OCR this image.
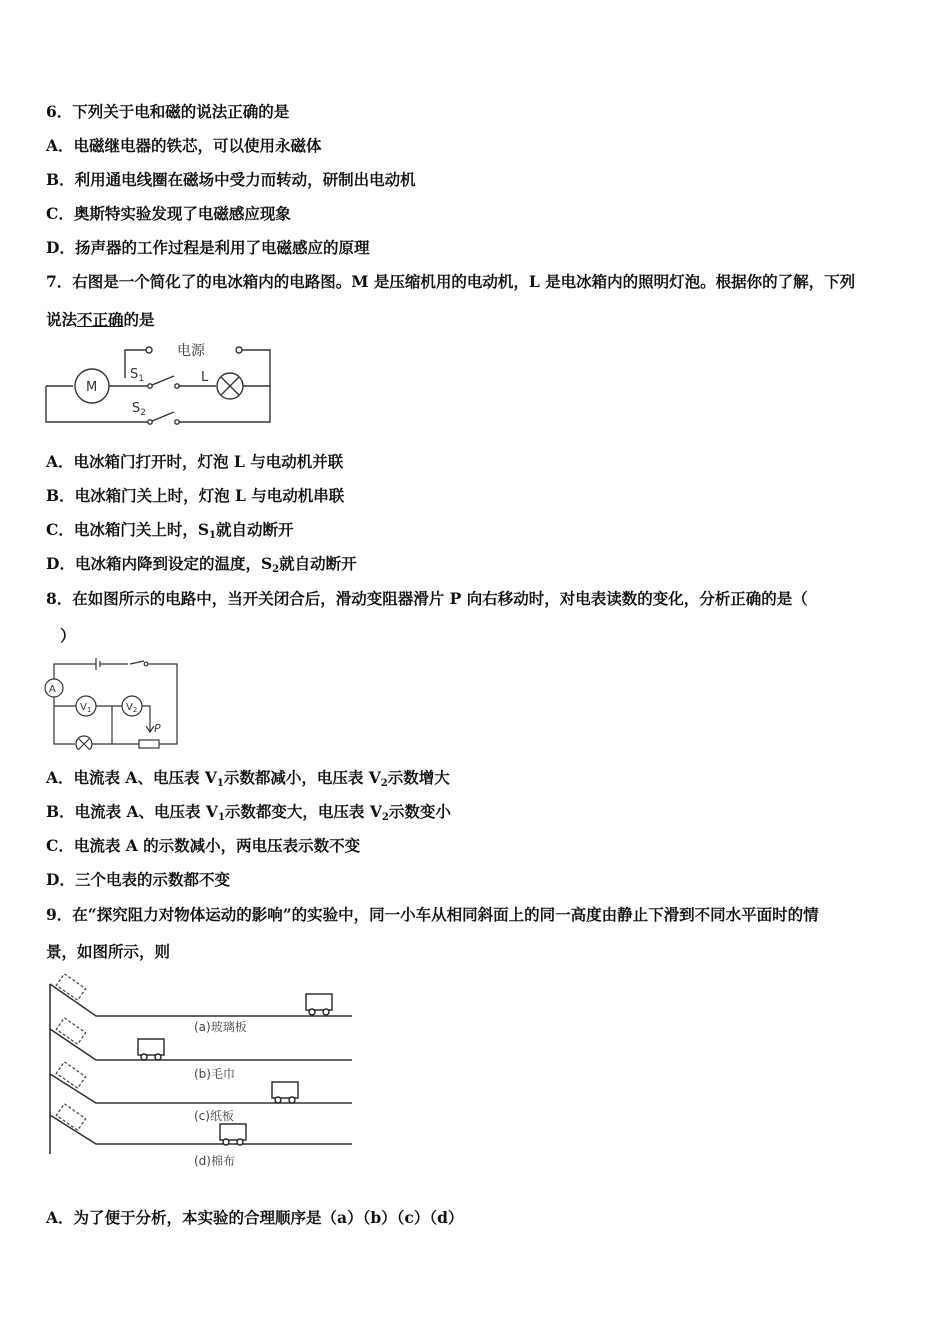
6．下列关于电和磁的说法正确的是
A．电磁继电器的铁芯，可以使用永磁体
B．利用通电线圈在磁场中受力而转动，研制出电动机
C．奥斯特实验发现了电磁感应现象
D．扬声器的工作过程是利用了电磁感应的原理
7．右图是一个简化了的电冰箱内的电路图。M 是压缩机用的电动机，L 是电冰箱内的照明灯泡。根据你的了解，下列
说法不正确的是
电源
M
$S_1$	L
$S_2$
A．电冰箱门打开时，灯泡 L 与电动机并联
B．电冰箱门关上时，灯泡 L 与电动机串联
C．电冰箱门关上时，$S_1$就自动断开
D．电冰箱内降到设定的温度，$S_2$就自动断开
8．在如图所示的电路中，当开关闭合后，滑动变阻器滑片 P 向右移动时，对电表读数的变化，分析正确的是（
）
A
$V_1$	$V_2$
P
A．电流表 A、电压表 $V_1$示数都减小，电压表 $V_2$示数增大
B．电流表 A、电压表 $V_1$示数都变大，电压表 $V_2$示数变小
C．电流表 A 的示数减小，两电压表示数不变
D．三个电表的示数都不变
9．在“探究阻力对物体运动的影响”的实验中，同一小车从相同斜面上的同一高度由静止下滑到不同水平面时的情
景，如图所示，则
(a)玻璃板
(b)毛巾
(c)纸板
(d)棉布
A．为了便于分析，本实验的合理顺序是（a）（b）（c）（d）
